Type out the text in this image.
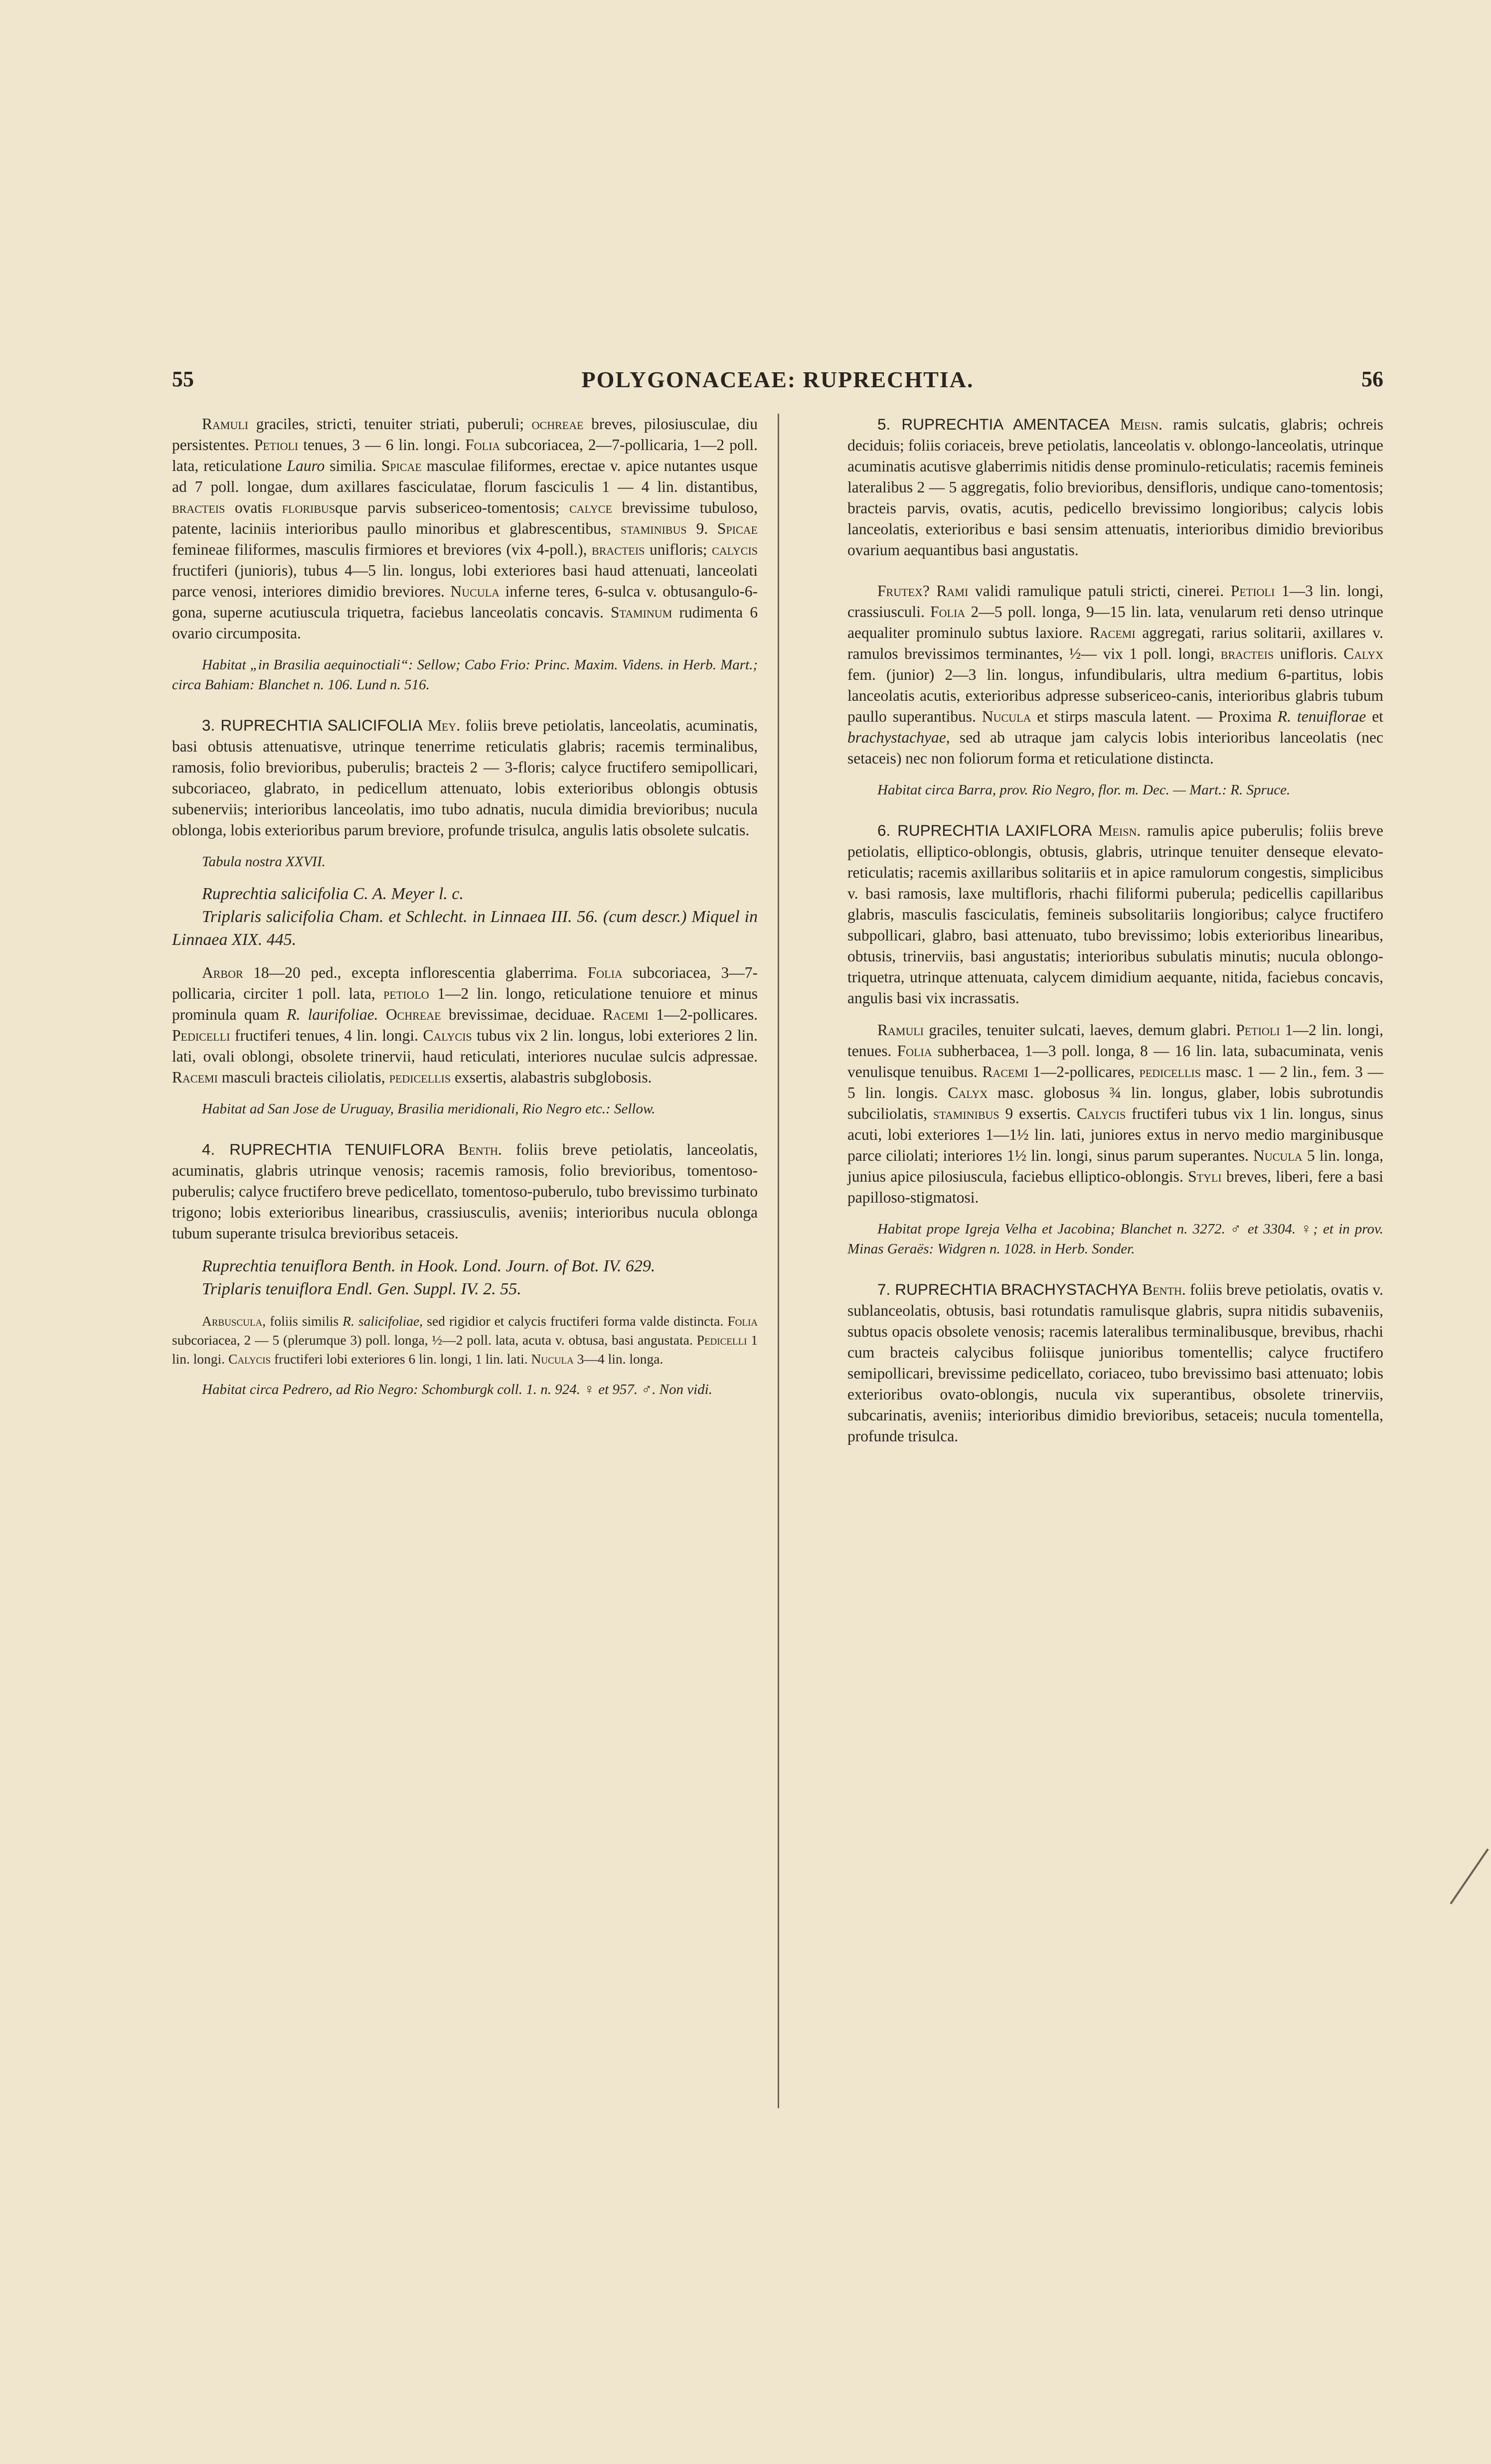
55	POLYGONACEAE: RUPRECHTIA.	56

Ramuli graciles, stricti, tenuiter striati, puberuli; ochreae breves, pilosiusculae, diu persistentes. Petioli tenues, 3 — 6 lin. longi. Folia subcoriacea, 2—7-pollicaria, 1—2 poll. lata, reticulatione Lauro similia. Spicae masculae filiformes, erectae v. apice nutantes usque ad 7 poll. longae, dum axillares fasciculatae, florum fasciculis 1 — 4 lin. distantibus, bracteis ovatis floribusque parvis subsericeo-tomentosis; calyce brevissime tubuloso, patente, laciniis interioribus paullo minoribus et glabrescentibus, staminibus 9. Spicae femineae filiformes, masculis firmiores et breviores (vix 4-poll.), bracteis unifloris; calycis fructiferi (junioris), tubus 4—5 lin. longus, lobi exteriores basi haud attenuati, lanceolati parce venosi, interiores dimidio breviores. Nucula inferne teres, 6-sulca v. obtusangulo-6-gona, superne acutiuscula triquetra, faciebus lanceolatis concavis. Staminum rudimenta 6 ovario circumposita.

Habitat „in Brasilia aequinoctiali“: Sellow; Cabo Frio: Princ. Maxim. Videns. in Herb. Mart.; circa Bahiam: Blanchet n. 106. Lund n. 516.

3. RUPRECHTIA SALICIFOLIA Mey. foliis breve petiolatis, lanceolatis, acuminatis, basi obtusis attenuatisve, utrinque tenerrime reticulatis glabris; racemis terminalibus, ramosis, folio brevioribus, puberulis; bracteis 2 — 3-floris; calyce fructifero semipollicari, subcoriaceo, glabrato, in pedicellum attenuato, lobis exterioribus oblongis obtusis subenerviis; interioribus lanceolatis, imo tubo adnatis, nucula dimidia brevioribus; nucula oblonga, lobis exterioribus parum breviore, profunde trisulca, angulis latis obsolete sulcatis.

Tabula nostra XXVII.

Ruprechtia salicifolia C. A. Meyer l. c.

Triplaris salicifolia Cham. et Schlecht. in Linnaea III. 56. (cum descr.) Miquel in Linnaea XIX. 445.

Arbor 18—20 ped., excepta inflorescentia glaberrima. Folia subcoriacea, 3—7-pollicaria, circiter 1 poll. lata, petiolo 1—2 lin. longo, reticulatione tenuiore et minus prominula quam R. laurifoliae. Ochreae brevissimae, deciduae. Racemi 1—2-pollicares. Pedicelli fructiferi tenues, 4 lin. longi. Calycis tubus vix 2 lin. longus, lobi exteriores 2 lin. lati, ovali oblongi, obsolete trinervii, haud reticulati, interiores nuculae sulcis adpressae. Racemi masculi bracteis ciliolatis, pedicellis exsertis, alabastris subglobosis.

Habitat ad San Jose de Uruguay, Brasilia meridionali, Rio Negro etc.: Sellow.

4. RUPRECHTIA TENUIFLORA Benth. foliis breve petiolatis, lanceolatis, acuminatis, glabris utrinque venosis; racemis ramosis, folio brevioribus, tomentoso-puberulis; calyce fructifero breve pedicellato, tomentoso-puberulo, tubo brevissimo turbinato trigono; lobis exterioribus linearibus, crassiusculis, aveniis; interioribus nucula oblonga tubum superante trisulca brevioribus setaceis.

Ruprechtia tenuiflora Benth. in Hook. Lond. Journ. of Bot. IV. 629.

Triplaris tenuiflora Endl. Gen. Suppl. IV. 2. 55.

Arbuscula, foliis similis R. salicifoliae, sed rigidior et calycis fructiferi forma valde distincta. Folia subcoriacea, 2 — 5 (plerumque 3) poll. longa, ½—2 poll. lata, acuta v. obtusa, basi angustata. Pedicelli 1 lin. longi. Calycis fructiferi lobi exteriores 6 lin. longi, 1 lin. lati. Nucula 3—4 lin. longa.

Habitat circa Pedrero, ad Rio Negro: Schomburgk coll. 1. n. 924. ♀ et 957. ♂. Non vidi.

5. RUPRECHTIA AMENTACEA Meisn. ramis sulcatis, glabris; ochreis deciduis; foliis coriaceis, breve petiolatis, lanceolatis v. oblongo-lanceolatis, utrinque acuminatis acutisve glaberrimis nitidis dense prominulo-reticulatis; racemis femineis lateralibus 2 — 5 aggregatis, folio brevioribus, densifloris, undique cano-tomentosis; bracteis parvis, ovatis, acutis, pedicello brevissimo longioribus; calycis lobis lanceolatis, exterioribus e basi sensim attenuatis, interioribus dimidio brevioribus ovarium aequantibus basi angustatis.

Frutex? Rami validi ramulique patuli stricti, cinerei. Petioli 1—3 lin. longi, crassiusculi. Folia 2—5 poll. longa, 9—15 lin. lata, venularum reti denso utrinque aequaliter prominulo subtus laxiore. Racemi aggregati, rarius solitarii, axillares v. ramulos brevissimos terminantes, ½— vix 1 poll. longi, bracteis unifloris. Calyx fem. (junior) 2—3 lin. longus, infundibularis, ultra medium 6-partitus, lobis lanceolatis acutis, exterioribus adpresse subsericeo-canis, interioribus glabris tubum paullo superantibus. Nucula et stirps mascula latent. — Proxima R. tenuiflorae et brachystachyae, sed ab utraque jam calycis lobis interioribus lanceolatis (nec setaceis) nec non foliorum forma et reticulatione distincta.

Habitat circa Barra, prov. Rio Negro, flor. m. Dec. — Mart.: R. Spruce.

6. RUPRECHTIA LAXIFLORA Meisn. ramulis apice puberulis; foliis breve petiolatis, elliptico-oblongis, obtusis, glabris, utrinque tenuiter denseque elevato-reticulatis; racemis axillaribus solitariis et in apice ramulorum congestis, simplicibus v. basi ramosis, laxe multifloris, rhachi filiformi puberula; pedicellis capillaribus glabris, masculis fasciculatis, femineis subsolitariis longioribus; calyce fructifero subpollicari, glabro, basi attenuato, tubo brevissimo; lobis exterioribus linearibus, obtusis, trinerviis, basi angustatis; interioribus subulatis minutis; nucula oblongo-triquetra, utrinque attenuata, calycem dimidium aequante, nitida, faciebus concavis, angulis basi vix incrassatis.

Ramuli graciles, tenuiter sulcati, laeves, demum glabri. Petioli 1—2 lin. longi, tenues. Folia subherbacea, 1—3 poll. longa, 8 — 16 lin. lata, subacuminata, venis venulisque tenuibus. Racemi 1—2-pollicares, pedicellis masc. 1 — 2 lin., fem. 3 — 5 lin. longis. Calyx masc. globosus ¾ lin. longus, glaber, lobis subrotundis subciliolatis, staminibus 9 exsertis. Calycis fructiferi tubus vix 1 lin. longus, sinus acuti, lobi exteriores 1—1½ lin. lati, juniores extus in nervo medio marginibusque parce ciliolati; interiores 1½ lin. longi, sinus parum superantes. Nucula 5 lin. longa, junius apice pilosiuscula, faciebus elliptico-oblongis. Styli breves, liberi, fere a basi papilloso-stigmatosi.

Habitat prope Igreja Velha et Jacobina; Blanchet n. 3272. ♂ et 3304. ♀; et in prov. Minas Geraës: Widgren n. 1028. in Herb. Sonder.

7. RUPRECHTIA BRACHYSTACHYA Benth. foliis breve petiolatis, ovatis v. sublanceolatis, obtusis, basi rotundatis ramulisque glabris, supra nitidis subaveniis, subtus opacis obsolete venosis; racemis lateralibus terminalibusque, brevibus, rhachi cum bracteis calycibus foliisque junioribus tomentellis; calyce fructifero semipollicari, brevissime pedicellato, coriaceo, tubo brevissimo basi attenuato; lobis exterioribus ovato-oblongis, nucula vix superantibus, obsolete trinerviis, subcarinatis, aveniis; interioribus dimidio brevioribus, setaceis; nucula tomentella, profunde trisulca.
